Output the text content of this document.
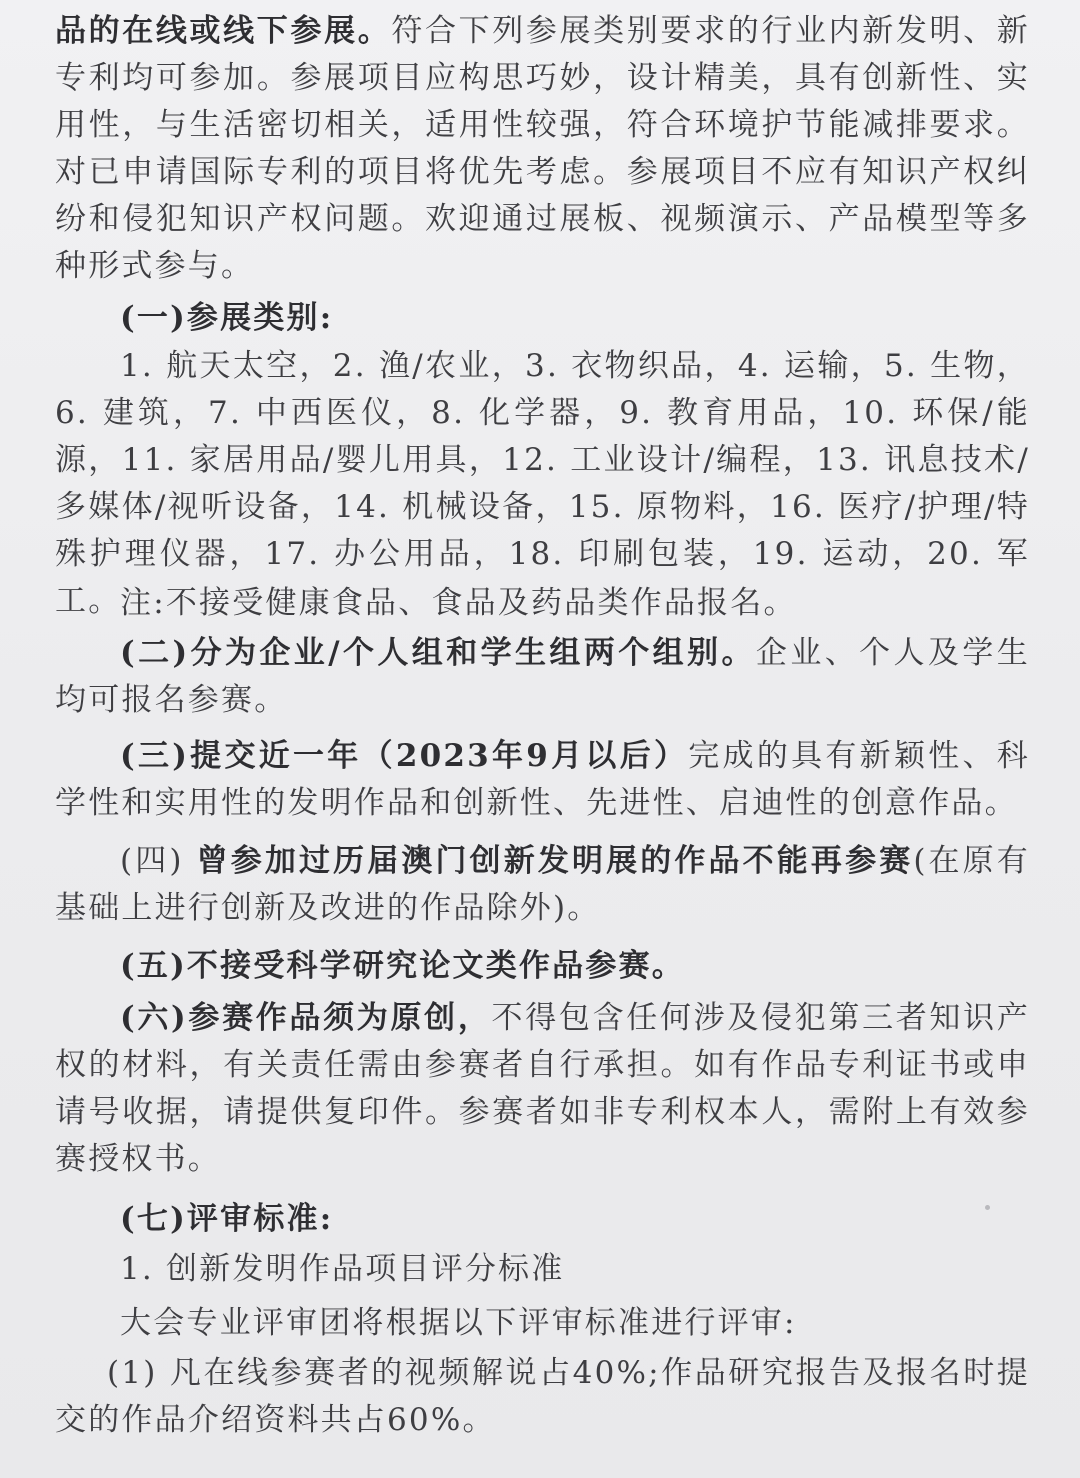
品的在线或线下参展。符合下列参展类别要求的行业内新发明、新专利均可参加。参展项目应构思巧妙，设计精美，具有创新性、实用性，与生活密切相关，适用性较强，符合环境护节能减排要求。对已申请国际专利的项目将优先考虑。参展项目不应有知识产权纠纷和侵犯知识产权问题。欢迎通过展板、视频演示、产品模型等多种形式参与。

(一)参展类别:

1. 航天太空，2. 渔/农业，3. 衣物织品，4. 运输，5. 生物，6. 建筑，7. 中西医仪，8. 化学器，9. 教育用品，10. 环保/能源，11. 家居用品/婴儿用具，12. 工业设计/编程，13. 讯息技术/多媒体/视听设备，14. 机械设备，15. 原物料，16. 医疗/护理/特殊护理仪器，17. 办公用品，18. 印刷包装，19. 运动，20. 军工。

注:不接受健康食品、食品及药品类作品报名。

(二)分为企业/个人组和学生组两个组别。企业、个人及学生均可报名参赛。

(三)提交近一年（2023年9月以后）完成的具有新颖性、科学性和实用性的发明作品和创新性、先进性、启迪性的创意作品。

(四) 曾参加过历届澳门创新发明展的作品不能再参赛(在原有基础上进行创新及改进的作品除外)。

(五)不接受科学研究论文类作品参赛。

(六)参赛作品须为原创，不得包含任何涉及侵犯第三者知识产权的材料，有关责任需由参赛者自行承担。如有作品专利证书或申请号收据，请提供复印件。参赛者如非专利权本人，需附上有效参赛授权书。

(七)评审标准:

1. 创新发明作品项目评分标准

大会专业评审团将根据以下评审标准进行评审:

(1) 凡在线参赛者的视频解说占40%;作品研究报告及报名时提交的作品介绍资料共占60%。
